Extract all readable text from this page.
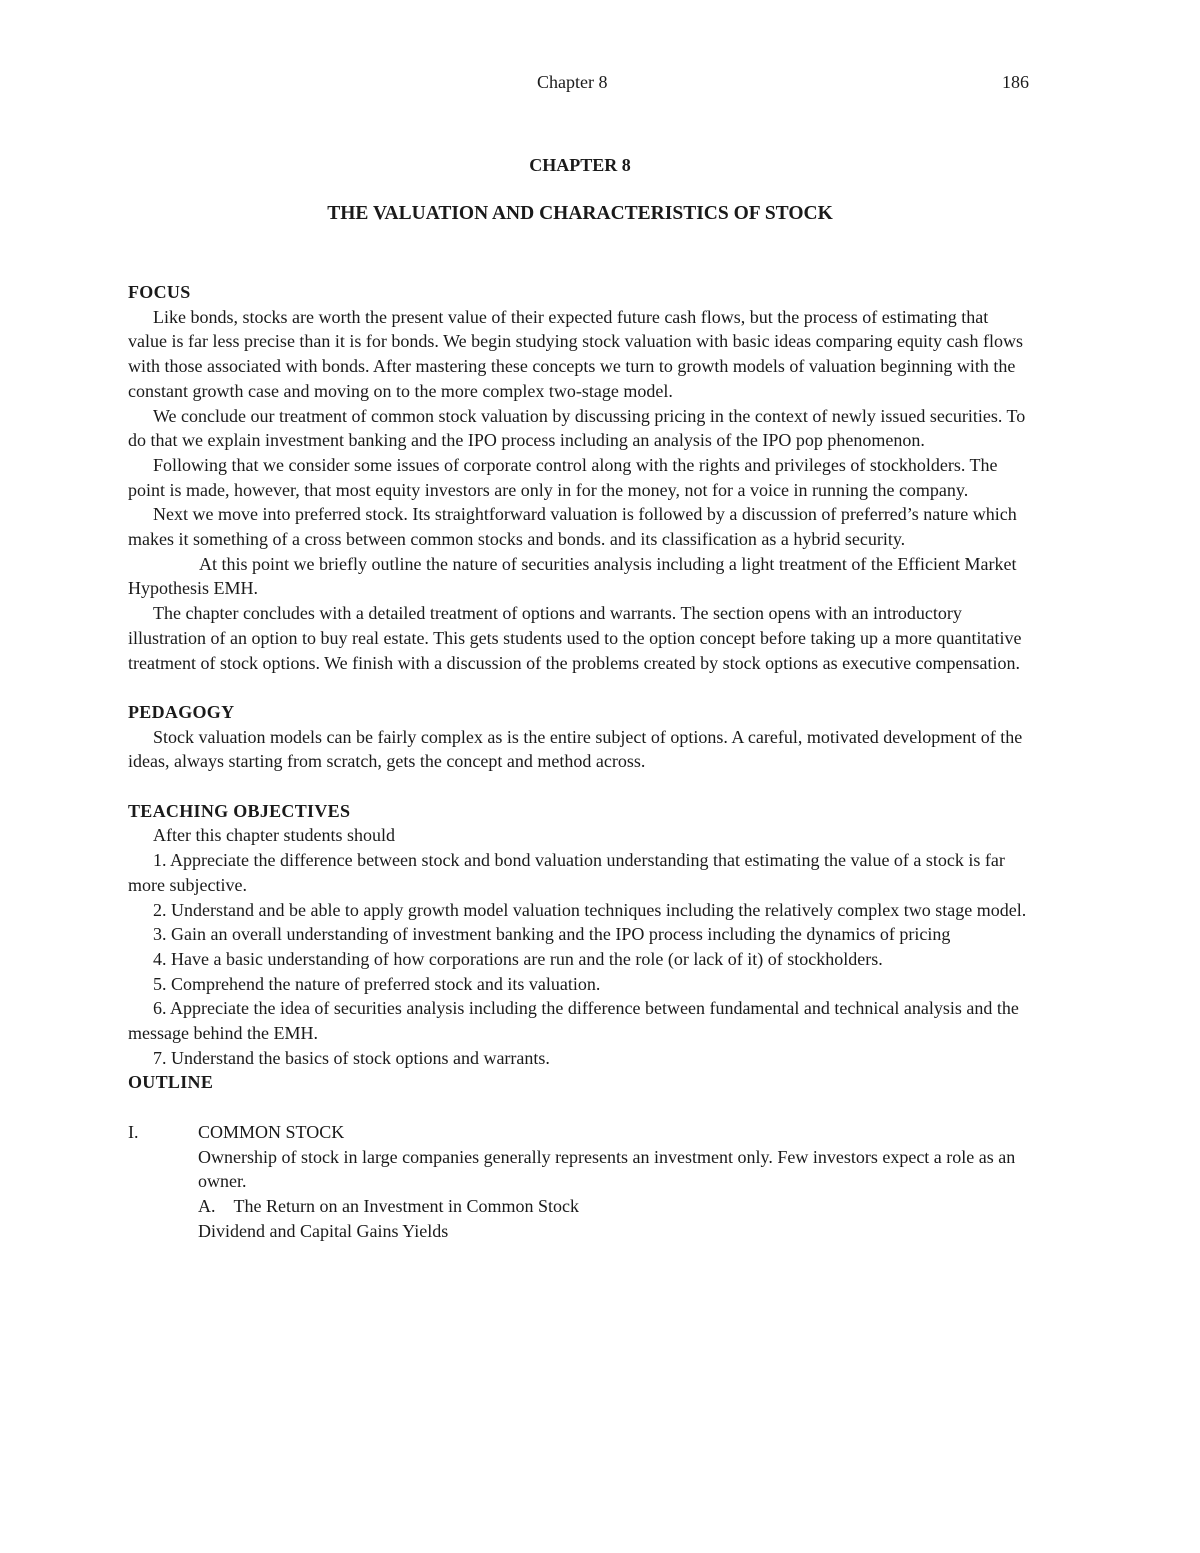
Chapter 8	186
CHAPTER 8
THE VALUATION AND CHARACTERISTICS OF STOCK

FOCUS

Like bonds, stocks are worth the present value of their expected future cash flows, but the process of estimating that value is far less precise than it is for bonds. We begin studying stock valuation with basic ideas comparing equity cash flows with those associated with bonds. After mastering these concepts we turn to growth models of valuation beginning with the constant growth case and moving on to the more complex two-stage model.

We conclude our treatment of common stock valuation by discussing pricing in the context of newly issued securities. To do that we explain investment banking and the IPO process including an analysis of the IPO pop phenomenon.

Following that we consider some issues of corporate control along with the rights and privileges of stockholders. The point is made, however, that most equity investors are only in for the money, not for a voice in running the company.

Next we move into preferred stock. Its straightforward valuation is followed by a discussion of preferred’s nature which makes it something of a cross between common stocks and bonds. and its classification as a hybrid security.

At this point we briefly outline the nature of securities analysis including a light treatment of the Efficient Market Hypothesis EMH.

The chapter concludes with a detailed treatment of options and warrants. The section opens with an introductory illustration of an option to buy real estate. This gets students used to the option concept before taking up a more quantitative treatment of stock options. We finish with a discussion of the problems created by stock options as executive compensation.

PEDAGOGY

Stock valuation models can be fairly complex as is the entire subject of options. A careful, motivated development of the ideas, always starting from scratch, gets the concept and method across.

TEACHING OBJECTIVES

After this chapter students should

1. Appreciate the difference between stock and bond valuation understanding that estimating the value of a stock is far more subjective.

2. Understand and be able to apply growth model valuation techniques including the relatively complex two stage model.

3. Gain an overall understanding of investment banking and the IPO process including the dynamics of pricing

4. Have a basic understanding of how corporations are run and the role (or lack of it) of stockholders.

5. Comprehend the nature of preferred stock and its valuation.

6. Appreciate the idea of securities analysis including the difference between fundamental and technical analysis and the message behind the EMH.

7. Understand the basics of stock options and warrants.

OUTLINE

I.	COMMON STOCK

Ownership of stock in large companies generally represents an investment only. Few investors expect a role as an owner.

A. The Return on an Investment in Common Stock

Dividend and Capital Gains Yields
